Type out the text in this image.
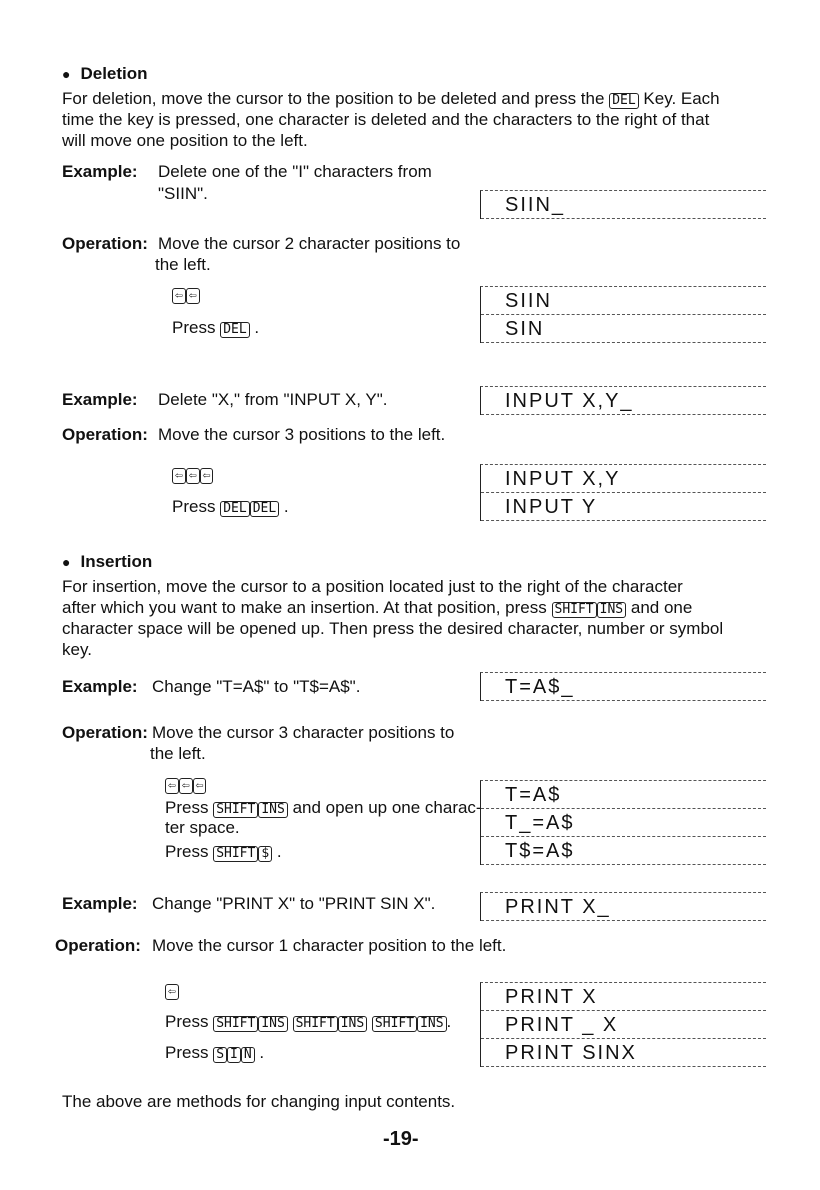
● Deletion
For deletion, move the cursor to the position to be deleted and press the DEL Key. Each
time the key is pressed, one character is deleted and the characters to the right of that
will move one position to the left.
Example: Delete one of the "I" characters from
"SIIN".
SIIN_
Operation: Move the cursor 2 character positions to
the left.
⇦ ⇦
Press DEL .
SIIN
SIN
Example: Delete "X," from "INPUT X, Y".	INPUT X,Y_
Operation: Move the cursor 3 positions to the left.
⇦ ⇦ ⇦
Press DEL DEL .
INPUT X,Y
INPUT Y
● Insertion
For insertion, move the cursor to a position located just to the right of the character
after which you want to make an insertion. At that position, press SHIFT INS and one
character space will be opened up. Then press the desired character, number or symbol
key.
Example: Change "T=A$" to "T$=A$".	T=A$_
Operation: Move the cursor 3 character positions to
the left.
⇦ ⇦ ⇦
Press SHIFT INS and open up one charac-
ter space.
Press SHIFT $ .
T=A$
T_=A$
T$=A$
Example: Change "PRINT X" to "PRINT SIN X".	PRINT X_
Operation: Move the cursor 1 character position to the left.
⇦
Press SHIFT INS SHIFT INS SHIFT INS .
Press S I N .
PRINT X
PRINT _ X
PRINT SINX
The above are methods for changing input contents.
-19-
